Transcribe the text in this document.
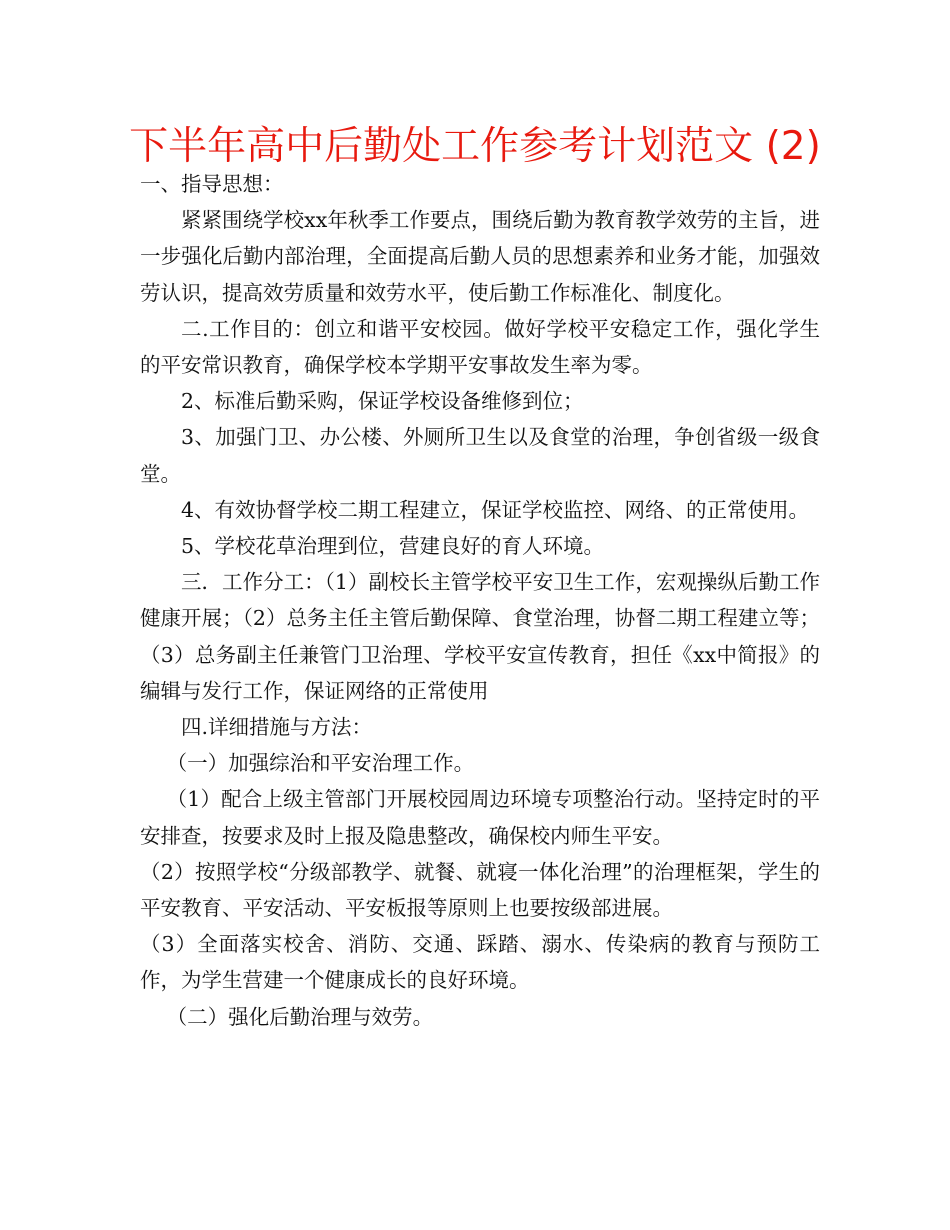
下半年高中后勤处工作参考计划范文 (2)

一、指导思想：

紧紧围绕学校xx年秋季工作要点，围绕后勤为教育教学效劳的主旨，进一步强化后勤内部治理，全面提高后勤人员的思想素养和业务才能，加强效劳认识，提高效劳质量和效劳水平，使后勤工作标准化、制度化。

二.工作目的：创立和谐平安校园。做好学校平安稳定工作，强化学生的平安常识教育，确保学校本学期平安事故发生率为零。

2、标准后勤采购，保证学校设备维修到位；

3、加强门卫、办公楼、外厕所卫生以及食堂的治理，争创省级一级食堂。

4、有效协督学校二期工程建立，保证学校监控、网络、的正常使用。

5、学校花草治理到位，营建良好的育人环境。

三．工作分工：（1）副校长主管学校平安卫生工作，宏观操纵后勤工作健康开展；（2）总务主任主管后勤保障、食堂治理，协督二期工程建立等；（3）总务副主任兼管门卫治理、学校平安宣传教育，担任《xx中简报》的编辑与发行工作，保证网络的正常使用

四.详细措施与方法：

（一）加强综治和平安治理工作。

（1）配合上级主管部门开展校园周边环境专项整治行动。坚持定时的平安排查，按要求及时上报及隐患整改，确保校内师生平安。

（2）按照学校“分级部教学、就餐、就寝一体化治理”的治理框架，学生的平安教育、平安活动、平安板报等原则上也要按级部进展。

（3）全面落实校舍、消防、交通、踩踏、溺水、传染病的教育与预防工作，为学生营建一个健康成长的良好环境。

（二）强化后勤治理与效劳。
